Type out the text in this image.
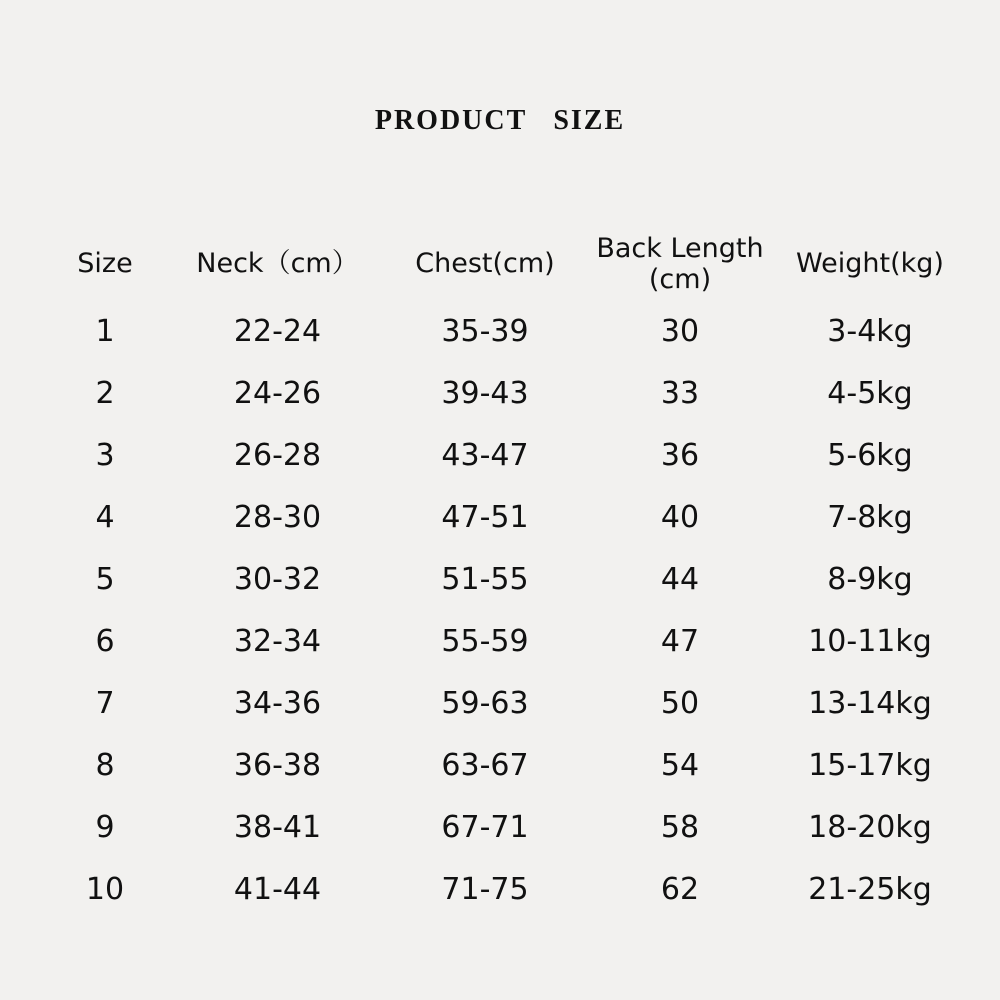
PRODUCT SIZE
Size	Neck（cm）	Chest(cm)	Back Length (cm)	Weight(kg)
1	22-24	35-39	30	3-4kg
2	24-26	39-43	33	4-5kg
3	26-28	43-47	36	5-6kg
4	28-30	47-51	40	7-8kg
5	30-32	51-55	44	8-9kg
6	32-34	55-59	47	10-11kg
7	34-36	59-63	50	13-14kg
8	36-38	63-67	54	15-17kg
9	38-41	67-71	58	18-20kg
10	41-44	71-75	62	21-25kg
